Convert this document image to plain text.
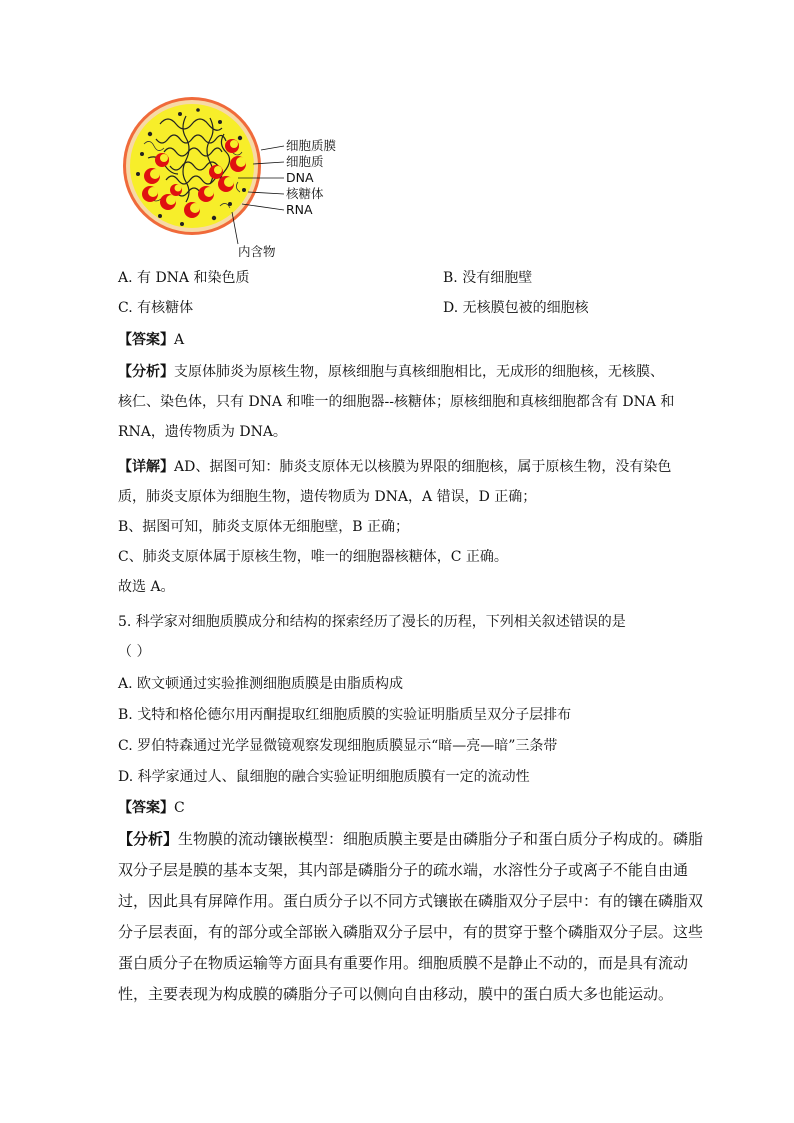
细胞质膜
细胞质
DNA
核糖体
RNA
内含物
A. 有 DNA 和染色质	B. 没有细胞壁
C. 有核糖体	D. 无核膜包被的细胞核
【答案】A
【分析】支原体肺炎为原核生物，原核细胞与真核细胞相比，无成形的细胞核，无核膜、
核仁、染色体，只有 DNA 和唯一的细胞器--核糖体；原核细胞和真核细胞都含有 DNA 和
RNA，遗传物质为 DNA。
【详解】AD、据图可知：肺炎支原体无以核膜为界限的细胞核，属于原核生物，没有染色
质，肺炎支原体为细胞生物，遗传物质为 DNA，A 错误，D 正确；
B、据图可知，肺炎支原体无细胞壁，B 正确；
C、肺炎支原体属于原核生物，唯一的细胞器核糖体，C 正确。
故选 A。
5. 科学家对细胞质膜成分和结构的探索经历了漫长的历程，下列相关叙述错误的是
（ ）
A. 欧文顿通过实验推测细胞质膜是由脂质构成
B. 戈特和格伦德尔用丙酮提取红细胞质膜的实验证明脂质呈双分子层排布
C. 罗伯特森通过光学显微镜观察发现细胞质膜显示“暗—亮—暗”三条带
D. 科学家通过人、鼠细胞的融合实验证明细胞质膜有一定的流动性
【答案】C
【分析】生物膜的流动镶嵌模型：细胞质膜主要是由磷脂分子和蛋白质分子构成的。磷脂
双分子层是膜的基本支架，其内部是磷脂分子的疏水端，水溶性分子或离子不能自由通
过，因此具有屏障作用。蛋白质分子以不同方式镶嵌在磷脂双分子层中：有的镶在磷脂双
分子层表面，有的部分或全部嵌入磷脂双分子层中，有的贯穿于整个磷脂双分子层。这些
蛋白质分子在物质运输等方面具有重要作用。细胞质膜不是静止不动的，而是具有流动
性，主要表现为构成膜的磷脂分子可以侧向自由移动，膜中的蛋白质大多也能运动。
